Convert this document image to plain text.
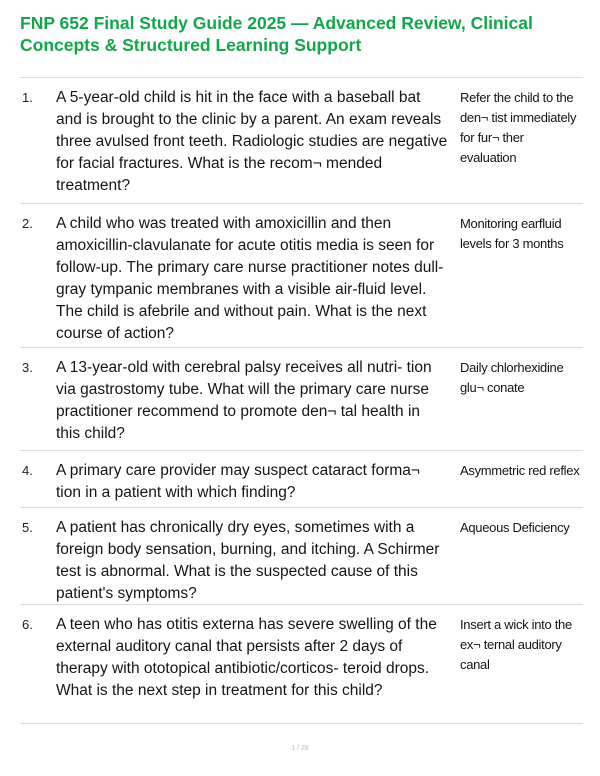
FNP 652 Final Study Guide 2025 — Advanced Review, Clinical Concepts & Structured Learning Support
1.	A 5-year-old child is hit in the face with a baseball bat and is brought to the clinic by a parent. An exam reveals three avulsed front teeth. Radiologic studies are negative for facial fractures. What is the recom¬ mended treatment?
Refer the child to the den¬ tist immediately for fur¬ ther evaluation
2.	A child who was treated with amoxicillin and then amoxicillin-clavulanate for acute otitis media is seen for follow-up. The primary care nurse practitioner notes dull-gray tympanic membranes with a visible air-fluid level. The child is afebrile and without pain. What is the next course of action?
Monitoring earfluid levels for 3 months
3.	A 13-year-old with cerebral palsy receives all nutri- tion via gastrostomy tube. What will the primary care nurse practitioner recommend to promote den¬ tal health in this child?
Daily chlorhexidine glu¬ conate
4.	A primary care provider may suspect cataract forma¬ tion in a patient with which finding?
Asymmetric red reflex
5.	A patient has chronically dry eyes, sometimes with a foreign body sensation, burning, and itching. A Schirmer test is abnormal. What is the suspected cause of this patient's symptoms?
Aqueous Deficiency
6.	A teen who has otitis externa has severe swelling of the external auditory canal that persists after 2 days of therapy with ototopical antibiotic/corticos- teroid drops. What is the next step in treatment for this child?
Insert a wick into the ex¬ ternal auditory canal
1 / 28
